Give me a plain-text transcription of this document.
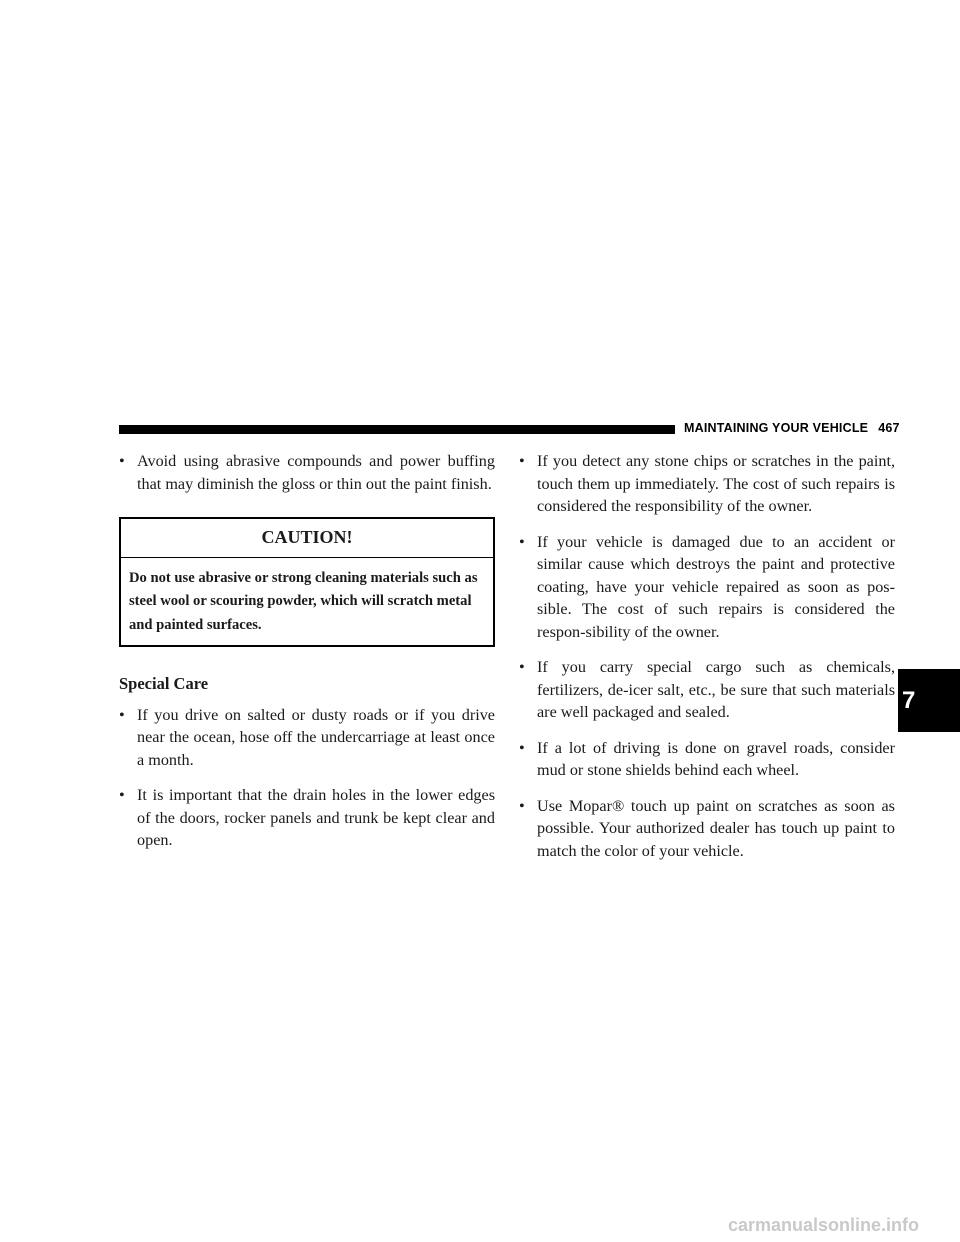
MAINTAINING YOUR VEHICLE 467
• Avoid using abrasive compounds and power buffing that may diminish the gloss or thin out the paint finish.
CAUTION!
Do not use abrasive or strong cleaning materials such as steel wool or scouring powder, which will scratch metal and painted surfaces.
Special Care
• If you drive on salted or dusty roads or if you drive near the ocean, hose off the undercarriage at least once a month.
• It is important that the drain holes in the lower edges of the doors, rocker panels and trunk be kept clear and open.
• If you detect any stone chips or scratches in the paint, touch them up immediately. The cost of such repairs is considered the responsibility of the owner.
• If your vehicle is damaged due to an accident or similar cause which destroys the paint and protective coating, have your vehicle repaired as soon as pos-sible. The cost of such repairs is considered the respon-sibility of the owner.
• If you carry special cargo such as chemicals, fertilizers, de-icer salt, etc., be sure that such materials are well packaged and sealed.
• If a lot of driving is done on gravel roads, consider mud or stone shields behind each wheel.
• Use Mopar® touch up paint on scratches as soon as possible. Your authorized dealer has touch up paint to match the color of your vehicle.
7
carmanualsonline.info
